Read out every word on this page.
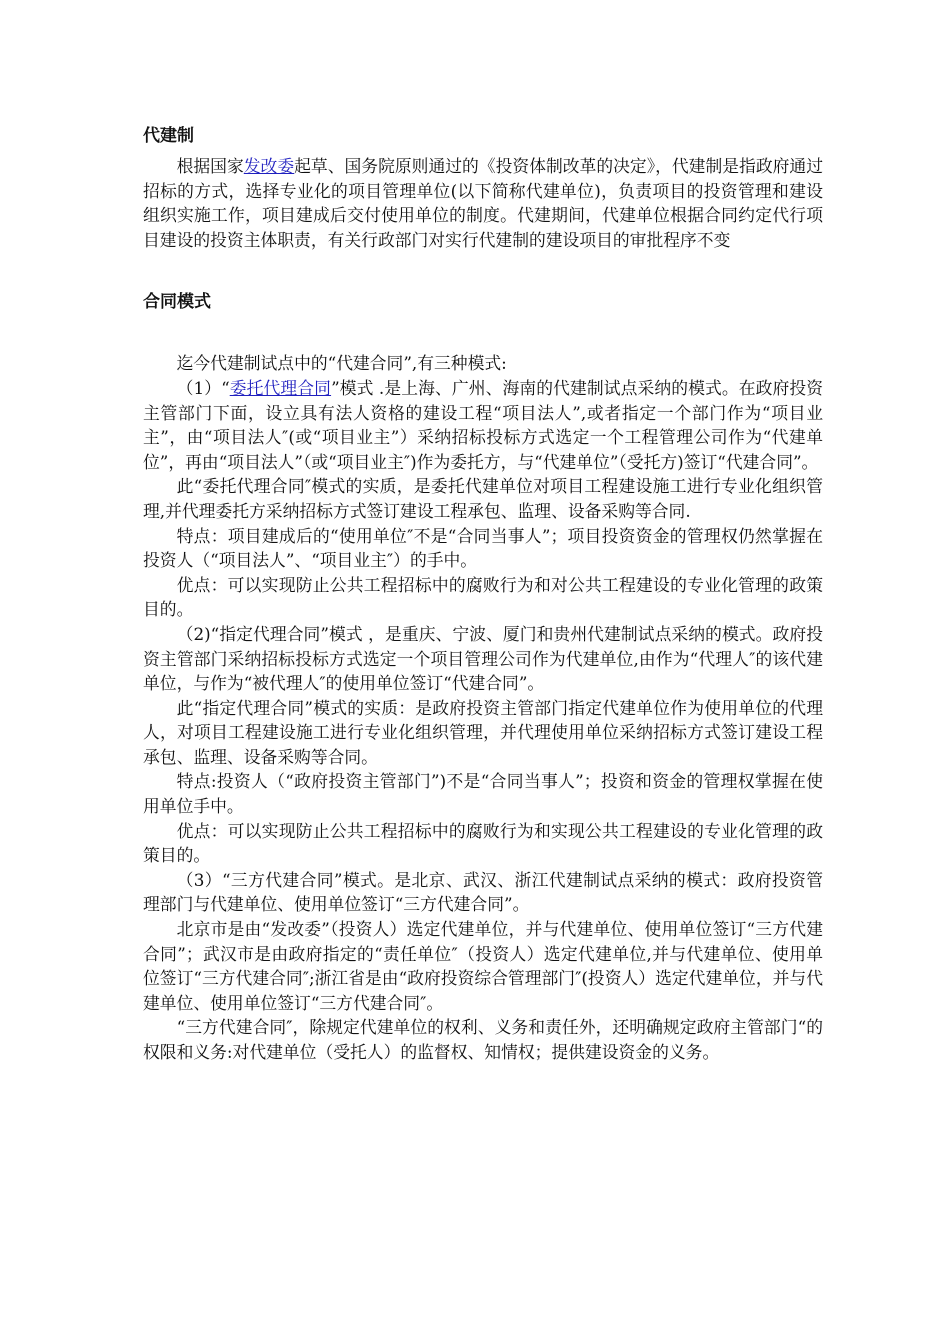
代建制

根据国家发改委起草、国务院原则通过的《投资体制改革的决定》，代建制是指政府通过招标的方式，选择专业化的项目管理单位(以下简称代建单位)，负责项目的投资管理和建设组织实施工作，项目建成后交付使用单位的制度。代建期间，代建单位根据合同约定代行项目建设的投资主体职责，有关行政部门对实行代建制的建设项目的审批程序不变

合同模式

迄今代建制试点中的“代建合同”,有三种模式:

（1）“委托代理合同”模式 .是上海、广州、海南的代建制试点采纳的模式。在政府投资主管部门下面，设立具有法人资格的建设工程“项目法人”,或者指定一个部门作为“项目业主”，由“项目法人″(或“项目业主”）采纳招标投标方式选定一个工程管理公司作为“代建单位”，再由“项目法人”（或“项目业主″)作为委托方，与“代建单位”（受托方)签订“代建合同”。

此“委托代理合同″模式的实质，是委托代建单位对项目工程建设施工进行专业化组织管理,并代理委托方采纳招标方式签订建设工程承包、监理、设备采购等合同.

特点：项目建成后的“使用单位″不是“合同当事人”；项目投资资金的管理权仍然掌握在投资人（“项目法人”、“项目业主″）的手中。

优点：可以实现防止公共工程招标中的腐败行为和对公共工程建设的专业化管理的政策目的。

（2)“指定代理合同”模式 ，是重庆、宁波、厦门和贵州代建制试点采纳的模式。政府投资主管部门采纳招标投标方式选定一个项目管理公司作为代建单位,由作为“代理人″的该代建单位，与作为“被代理人″的使用单位签订“代建合同”。

此“指定代理合同”模式的实质：是政府投资主管部门指定代建单位作为使用单位的代理人，对项目工程建设施工进行专业化组织管理，并代理使用单位采纳招标方式签订建设工程承包、监理、设备采购等合同。

特点:投资人（“政府投资主管部门”)不是“合同当事人”；投资和资金的管理权掌握在使用单位手中。

优点：可以实现防止公共工程招标中的腐败行为和实现公共工程建设的专业化管理的政策目的。

（3）“三方代建合同”模式。是北京、武汉、浙江代建制试点采纳的模式：政府投资管理部门与代建单位、使用单位签订“三方代建合同”。

北京市是由“发改委”（投资人）选定代建单位，并与代建单位、使用单位签订“三方代建合同”；武汉市是由政府指定的“责任单位″（投资人）选定代建单位,并与代建单位、使用单位签订“三方代建合同″;浙江省是由“政府投资综合管理部门″(投资人）选定代建单位，并与代建单位、使用单位签订“三方代建合同″。

“三方代建合同″，除规定代建单位的权利、义务和责任外，还明确规定政府主管部门“的权限和义务:对代建单位（受托人）的监督权、知情权；提供建设资金的义务。
